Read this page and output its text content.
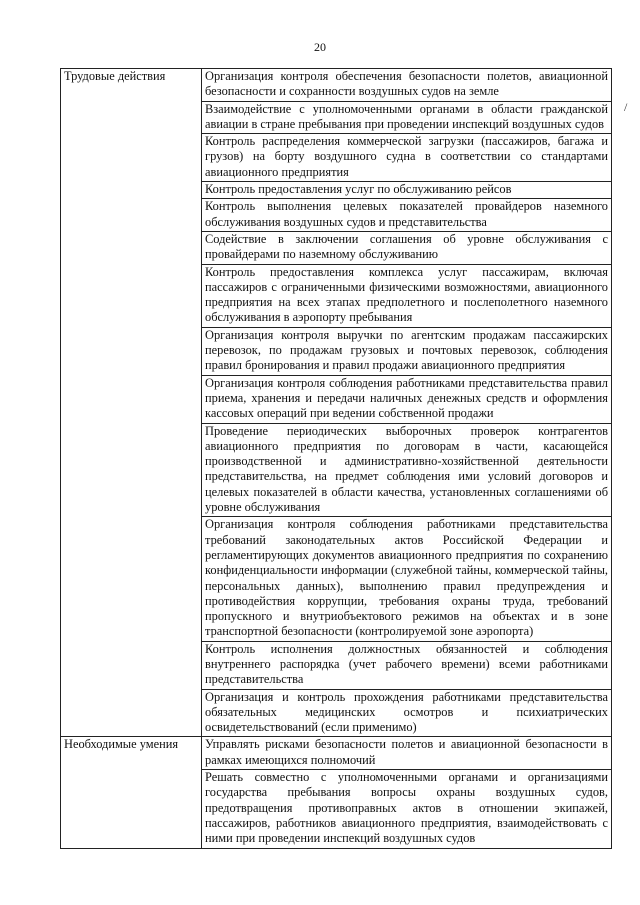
20
/
Трудовые действия	Организация контроля обеспечения безопасности полетов, авиационной безопасности и сохранности воздушных судов на земле
	Взаимодействие с уполномоченными органами в области гражданской авиации в стране пребывания при проведении инспекций воздушных судов
	Контроль распределения коммерческой загрузки (пассажиров, багажа и грузов) на борту воздушного судна в соответствии со стандартами авиационного предприятия
	Контроль предоставления услуг по обслуживанию рейсов
	Контроль выполнения целевых показателей провайдеров наземного обслуживания воздушных судов и представительства
	Содействие в заключении соглашения об уровне обслуживания с провайдерами по наземному обслуживанию
	Контроль предоставления комплекса услуг пассажирам, включая пассажиров с ограниченными физическими возможностями, авиационного предприятия на всех этапах предполетного и послеполетного наземного обслуживания в аэропорту пребывания
	Организация контроля выручки по агентским продажам пассажирских перевозок, по продажам грузовых и почтовых перевозок, соблюдения правил бронирования и правил продажи авиационного предприятия
	Организация контроля соблюдения работниками представительства правил приема, хранения и передачи наличных денежных средств и оформления кассовых операций при ведении собственной продажи
	Проведение периодических выборочных проверок контрагентов авиационного предприятия по договорам в части, касающейся производственной и административно-хозяйственной деятельности представительства, на предмет соблюдения ими условий договоров и целевых показателей в области качества, установленных соглашениями об уровне обслуживания
	Организация контроля соблюдения работниками представительства требований законодательных актов Российской Федерации и регламентирующих документов авиационного предприятия по сохранению конфиденциальности информации (служебной тайны, коммерческой тайны, персональных данных), выполнению правил предупреждения и противодействия коррупции, требования охраны труда, требований пропускного и внутриобъектового режимов на объектах и в зоне транспортной безопасности (контролируемой зоне аэропорта)
	Контроль исполнения должностных обязанностей и соблюдения внутреннего распорядка (учет рабочего времени) всеми работниками представительства
	Организация и контроль прохождения работниками представительства обязательных медицинских осмотров и психиатрических освидетельствований (если применимо)
Необходимые умения	Управлять рисками безопасности полетов и авиационной безопасности в рамках имеющихся полномочий
	Решать совместно с уполномоченными органами и организациями государства пребывания вопросы охраны воздушных судов, предотвращения противоправных актов в отношении экипажей, пассажиров, работников авиационного предприятия, взаимодействовать с ними при проведении инспекций воздушных судов
